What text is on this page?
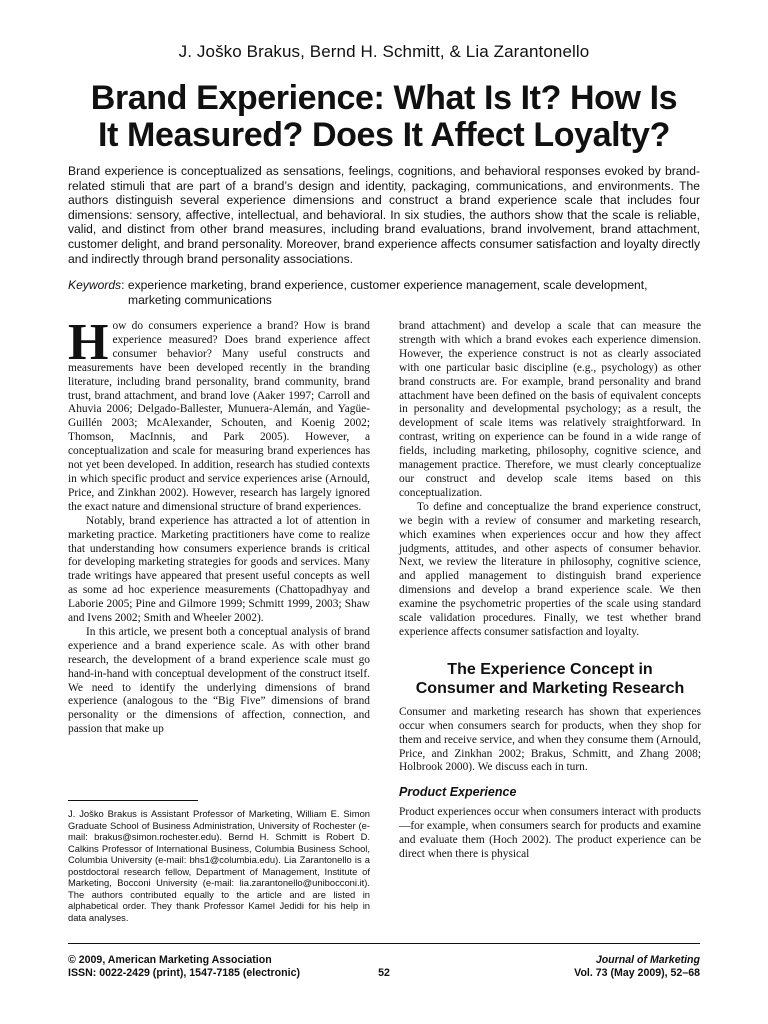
J. Joško Brakus, Bernd H. Schmitt, & Lia Zarantonello
Brand Experience: What Is It? How Is
It Measured? Does It Affect Loyalty?

Brand experience is conceptualized as sensations, feelings, cognitions, and behavioral responses evoked by brand-related stimuli that are part of a brand’s design and identity, packaging, communications, and environments. The authors distinguish several experience dimensions and construct a brand experience scale that includes four dimensions: sensory, affective, intellectual, and behavioral. In six studies, the authors show that the scale is reliable, valid, and distinct from other brand measures, including brand evaluations, brand involvement, brand attachment, customer delight, and brand personality. Moreover, brand experience affects consumer satisfaction and loyalty directly and indirectly through brand personality associations.

Keywords: experience marketing, brand experience, customer experience management, scale development,
marketing communications

How do consumers experience a brand? How is brand experience measured? Does brand experience affect consumer behavior? Many useful constructs and measurements have been developed recently in the branding literature, including brand personality, brand community, brand trust, brand attachment, and brand love (Aaker 1997; Carroll and Ahuvia 2006; Delgado-Ballester, Munuera-Alemán, and Yagüe-Guillén 2003; McAlexander, Schouten, and Koenig 2002; Thomson, MacInnis, and Park 2005). However, a conceptualization and scale for measuring brand experiences has not yet been developed. In addition, research has studied contexts in which specific product and service experiences arise (Arnould, Price, and Zinkhan 2002). However, research has largely ignored the exact nature and dimensional structure of brand experiences.

Notably, brand experience has attracted a lot of attention in marketing practice. Marketing practitioners have come to realize that understanding how consumers experience brands is critical for developing marketing strategies for goods and services. Many trade writings have appeared that present useful concepts as well as some ad hoc experience measurements (Chattopadhyay and Laborie 2005; Pine and Gilmore 1999; Schmitt 1999, 2003; Shaw and Ivens 2002; Smith and Wheeler 2002).

In this article, we present both a conceptual analysis of brand experience and a brand experience scale. As with other brand research, the development of a brand experience scale must go hand-in-hand with conceptual development of the construct itself. We need to identify the underlying dimensions of brand experience (analogous to the “Big Five” dimensions of brand personality or the dimensions of affection, connection, and passion that make up

brand attachment) and develop a scale that can measure the strength with which a brand evokes each experience dimension. However, the experience construct is not as clearly associated with one particular basic discipline (e.g., psychology) as other brand constructs are. For example, brand personality and brand attachment have been defined on the basis of equivalent concepts in personality and developmental psychology; as a result, the development of scale items was relatively straightforward. In contrast, writing on experience can be found in a wide range of fields, including marketing, philosophy, cognitive science, and management practice. Therefore, we must clearly conceptualize our construct and develop scale items based on this conceptualization.

To define and conceptualize the brand experience construct, we begin with a review of consumer and marketing research, which examines when experiences occur and how they affect judgments, attitudes, and other aspects of consumer behavior. Next, we review the literature in philosophy, cognitive science, and applied management to distinguish brand experience dimensions and develop a brand experience scale. We then examine the psychometric properties of the scale using standard scale validation procedures. Finally, we test whether brand experience affects consumer satisfaction and loyalty.

The Experience Concept in
Consumer and Marketing Research

Consumer and marketing research has shown that experiences occur when consumers search for products, when they shop for them and receive service, and when they consume them (Arnould, Price, and Zinkhan 2002; Brakus, Schmitt, and Zhang 2008; Holbrook 2000). We discuss each in turn.

Product Experience

Product experiences occur when consumers interact with products—for example, when consumers search for products and examine and evaluate them (Hoch 2002). The product experience can be direct when there is physical

J. Joško Brakus is Assistant Professor of Marketing, William E. Simon Graduate School of Business Administration, University of Rochester (e-mail: brakus@simon.rochester.edu). Bernd H. Schmitt is Robert D. Calkins Professor of International Business, Columbia Business School, Columbia University (e-mail: bhs1@columbia.edu). Lia Zarantonello is a postdoctoral research fellow, Department of Management, Institute of Marketing, Bocconi University (e-mail: lia.zarantonello@unibocconi.it). The authors contributed equally to the article and are listed in alphabetical order. They thank Professor Kamel Jedidi for his help in data analyses.

© 2009, American Marketing Association
ISSN: 0022-2429 (print), 1547-7185 (electronic)	52
Journal of Marketing
Vol. 73 (May 2009), 52–68
